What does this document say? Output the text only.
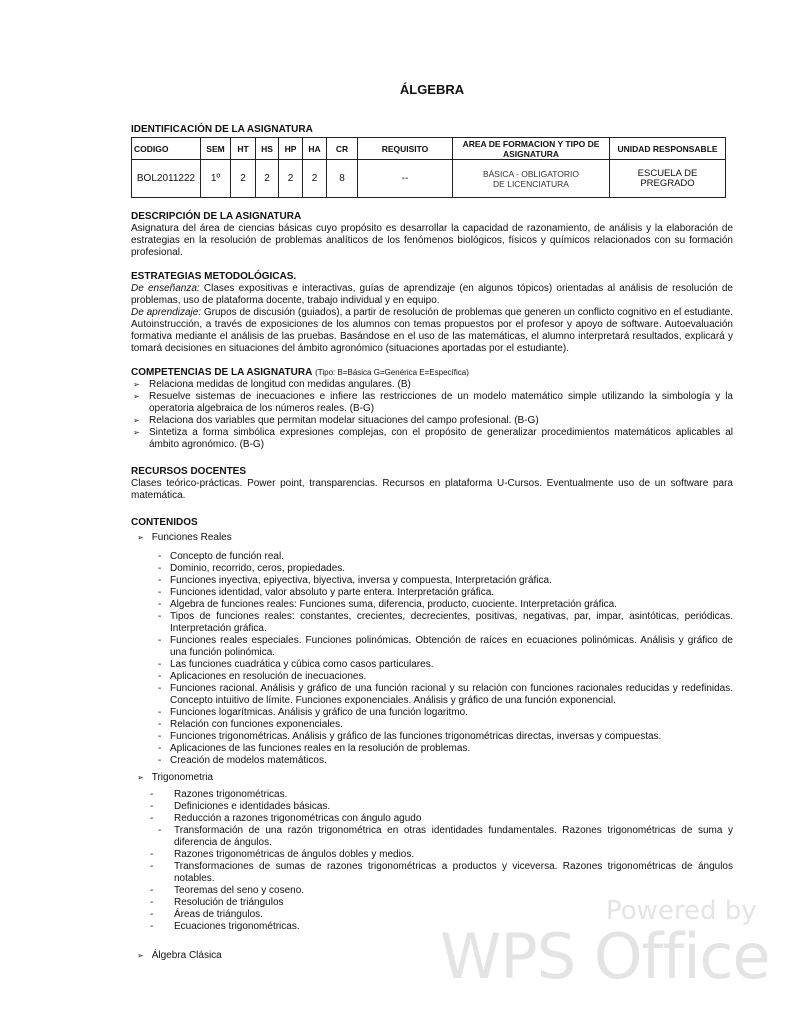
ÁLGEBRA
IDENTIFICACIÓN DE LA ASIGNATURA
CODIGO	SEM	HT	HS	HP	HA	CR	REQUISITO	AREA DE FORMACION Y TIPO DE ASIGNATURA	UNIDAD RESPONSABLE
BOL2011222	1º	2	2	2	2	8	--	BÁSICA - OBLIGATORIO DE LICENCIATURA	ESCUELA DE PREGRADO
DESCRIPCIÓN DE LA ASIGNATURA

Asignatura del área de ciencias básicas cuyo propósito es desarrollar la capacidad de razonamiento, de análisis y la elaboración de estrategias en la resolución de problemas analíticos de los fenómenos biológicos, físicos y químicos relacionados con su formación profesional.

ESTRATEGIAS METODOLÓGICAS.

De enseñanza: Clases expositivas e interactivas, guías de aprendizaje (en algunos tópicos) orientadas al análisis de resolución de problemas, uso de plataforma docente, trabajo individual y en equipo.

De aprendizaje: Grupos de discusión (guiados), a partir de resolución de problemas que generen un conflicto cognitivo en el estudiante. Autoinstrucción, a través de exposiciones de los alumnos con temas propuestos por el profesor y apoyo de software. Autoevaluación formativa mediante el análisis de las pruebas. Basándose en el uso de las matemáticas, el alumno interpretará resultados, explicará y tomará decisiones en situaciones del ámbito agronómico (situaciones aportadas por el estudiante).

COMPETENCIAS DE LA ASIGNATURA (Tipo: B=Básica G=Genérica E=Específica)
➢ Relaciona medidas de longitud con medidas angulares. (B)
➢ Resuelve sistemas de inecuaciones e infiere las restricciones de un modelo matemático simple utilizando la simbología y la operatoria algebraica de los números reales. (B-G)
➢ Relaciona dos variables que permitan modelar situaciones del campo profesional. (B-G)
➢ Sintetiza a forma simbólica expresiones complejas, con el propósito de generalizar procedimientos matemáticos aplicables al ámbito agronómico. (B-G)
RECURSOS DOCENTES

Clases teórico-prácticas. Power point, transparencias. Recursos en plataforma U-Cursos. Eventualmente uso de un software para matemática.

CONTENIDOS
➢ Funciones Reales
- Concepto de función real.
- Dominio, recorrido, ceros, propiedades.
- Funciones inyectiva, epiyectiva, biyectiva, inversa y compuesta, Interpretación gráfica.
- Funciones identidad, valor absoluto y parte entera. Interpretación gráfica.
- Algebra de funciones reales: Funciones suma, diferencia, producto, cuociente. Interpretación gráfica.
- Tipos de funciones reales: constantes, crecientes, decrecientes, positivas, negativas, par, impar, asintóticas, periódicas. Interpretación gráfica.
- Funciones reales especiales. Funciones polinómicas. Obtención de raíces en ecuaciones polinómicas. Análisis y gráfico de una función polinómica.
- Las funciones cuadrática y cúbica como casos particulares.
- Aplicaciones en resolución de inecuaciones.
- Funciones racional. Análisis y gráfico de una función racional y su relación con funciones racionales reducidas y redefinidas. Concepto intuitivo de límite. Funciones exponenciales. Análisis y gráfico de una función exponencial.
- Funciones logarítmicas. Análisis y gráfico de una función logaritmo.
- Relación con funciones exponenciales.
- Funciones trigonométricas. Análisis y gráfico de las funciones trigonométricas directas, inversas y compuestas.
- Aplicaciones de las funciones reales en la resolución de problemas.
- Creación de modelos matemáticos.
➢ Trigonometria
- Razones trigonométricas.
- Definiciones e identidades básicas.
- Reducción a razones trigonométricas con ángulo agudo
- Transformación de una razón trigonométrica en otras identidades fundamentales. Razones trigonométricas de suma y diferencia de ángulos.
- Razones trigonométricas de ángulos dobles y medios.
- Transformaciones de sumas de razones trigonométricas a productos y viceversa. Razones trigonométricas de ángulos notables.
- Teoremas del seno y coseno.
- Resolución de triángulos
- Áreas de triángulos.
- Ecuaciones trigonométricas.
➢ Álgebra Clásica
Powered by
WPS Office
